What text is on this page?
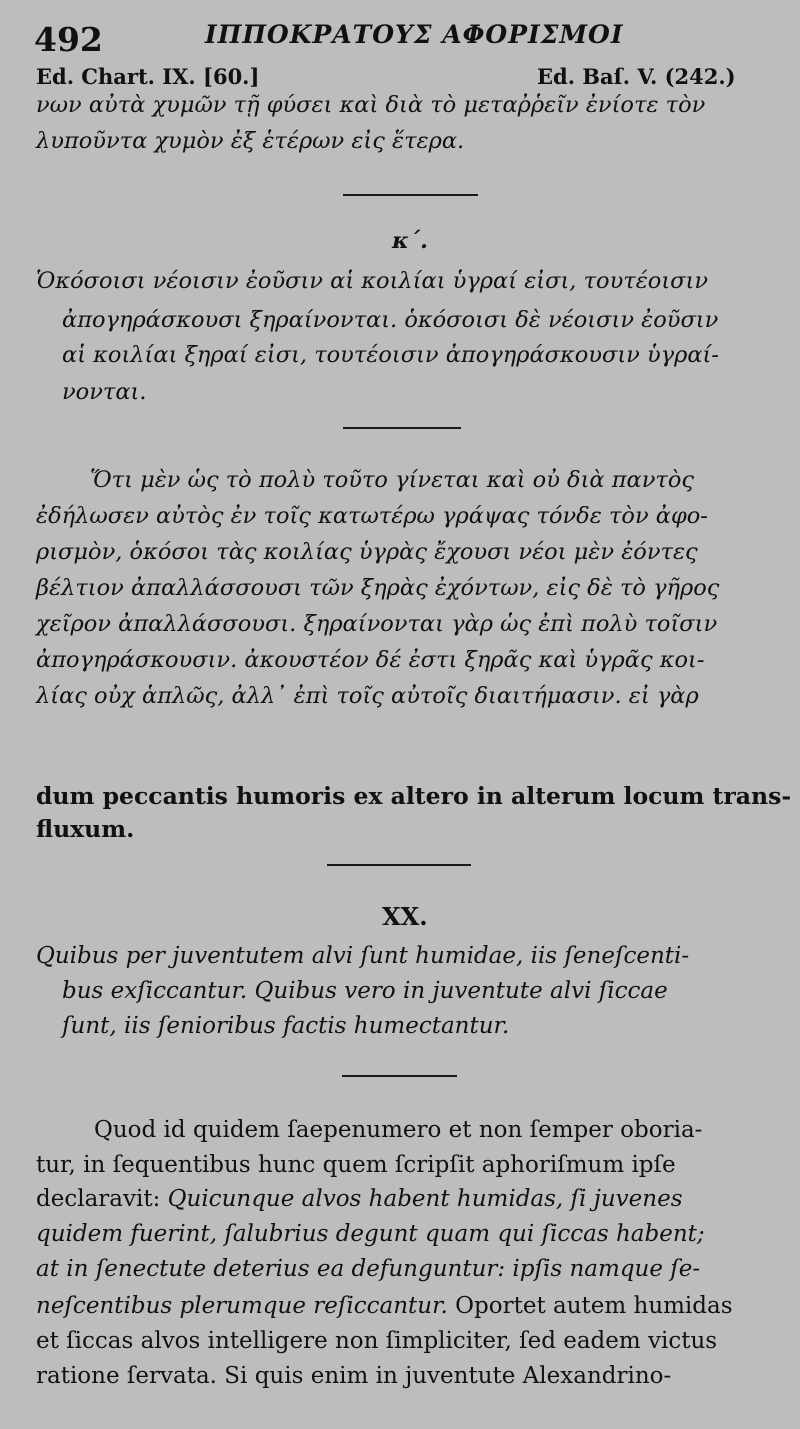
492	ΙΠΠΟΚΡΑΤΟΥΣ ΑΦΟΡΙΣΜΟΙ
Ed. Chart. IX. [60.]	Ed. Baſ. V. (242.)
νων αὐτὰ χυμῶν τῇ φύσει καὶ διὰ τὸ μεταῤῥεῖν ἐνίοτε τὸν
λυποῦντα χυμὸν ἐξ ἑτέρων εἰς ἕτερα.
κ΄.
Ὁκόσοισι νέοισιν ἐοῦσιν αἱ κοιλίαι ὑγραί εἰσι, τουτέοισιν
ἀπογηράσκουσι ξηραίνονται. ὁκόσοισι δὲ νέοισιν ἐοῦσιν
αἱ κοιλίαι ξηραί εἰσι, τουτέοισιν ἀπογηράσκουσιν ὑγραί-
νονται.
Ὅτι μὲν ὡς τὸ πολὺ τοῦτο γίνεται καὶ οὐ διὰ παντὸς
ἐδήλωσεν αὐτὸς ἐν τοῖς κατωτέρω γράψας τόνδε τὸν ἀφο-
ρισμὸν, ὁκόσοι τὰς κοιλίας ὑγρὰς ἔχουσι νέοι μὲν ἐόντες
βέλτιον ἀπαλλάσσουσι τῶν ξηρὰς ἐχόντων, εἰς δὲ τὸ γῆρος
χεῖρον ἀπαλλάσσουσι. ξηραίνονται γὰρ ὡς ἐπὶ πολὺ τοῖσιν
ἀπογηράσκουσιν. ἀκουστέον δέ ἐστι ξηρᾶς καὶ ὑγρᾶς κοι-
λίας οὐχ ἁπλῶς, ἀλλ᾽ ἐπὶ τοῖς αὐτοῖς διαιτήμασιν. εἰ γὰρ
dum peccantis humoris ex altero in alterum locum trans-
fluxum.
XX.
Quibus per juventutem alvi ſunt humidae, iis ſeneſcenti-
bus exſiccantur. Quibus vero in juventute alvi ſiccae
ſunt, iis ſenioribus factis humectantur.
Quod id quidem ſaepenumero et non ſemper oboria-
tur, in ſequentibus hunc quem ſcripſit aphoriſmum ipſe
declaravit: Quicunque alvos habent humidas, ſi juvenes
quidem fuerint, ſalubrius degunt quam qui ſiccas habent;
at in ſenectute deterius ea defunguntur: ipſis namque ſe-
neſcentibus plerumque reſiccantur. Oportet autem humidas
et ſiccas alvos intelligere non ſimpliciter, ſed eadem victus
ratione ſervata. Si quis enim in juventute Alexandrino-
